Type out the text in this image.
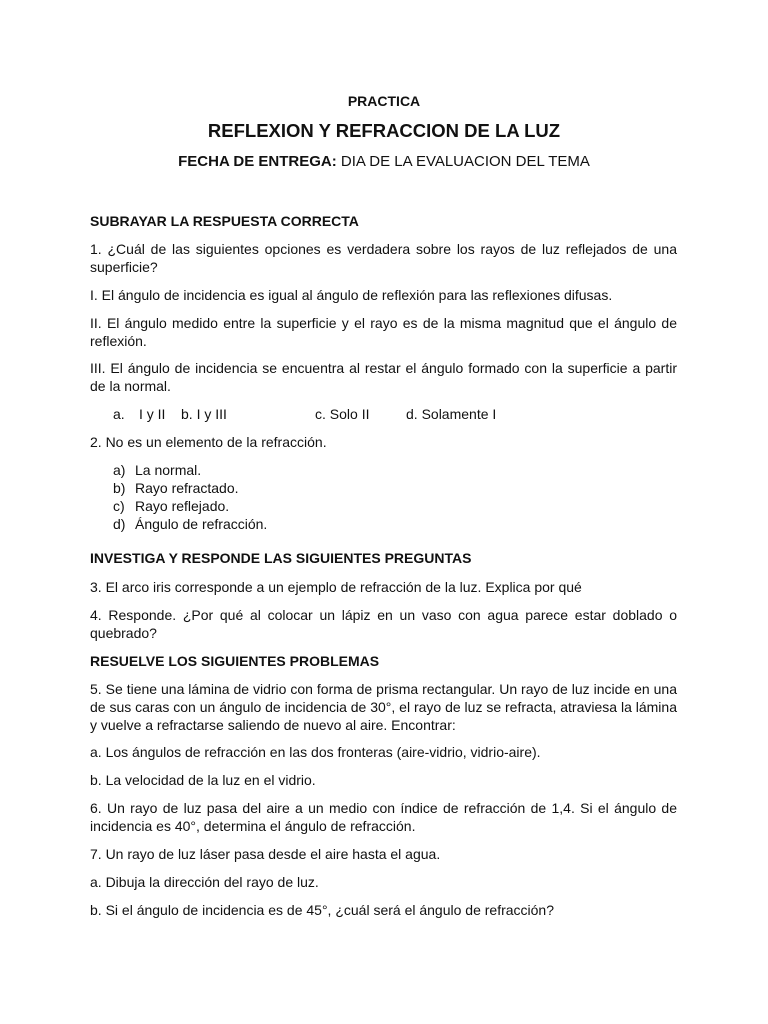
PRACTICA
REFLEXION Y REFRACCION DE LA LUZ
FECHA DE ENTREGA: DIA DE LA EVALUACION DEL TEMA
SUBRAYAR LA RESPUESTA CORRECTA
1. ¿Cuál de las siguientes opciones es verdadera sobre los rayos de luz reflejados de una superficie?
I. El ángulo de incidencia es igual al ángulo de reflexión para las reflexiones difusas.
II. El ángulo medido entre la superficie y el rayo es de la misma magnitud que el ángulo de reflexión.
III. El ángulo de incidencia se encuentra al restar el ángulo formado con la superficie a partir de la normal.
a. I y II b. I y III	c. Solo II	d. Solamente I
2. No es un elemento de la refracción.
a) La normal.
b) Rayo refractado.
c) Rayo reflejado.
d) Ángulo de refracción.
INVESTIGA Y RESPONDE LAS SIGUIENTES PREGUNTAS
3. El arco iris corresponde a un ejemplo de refracción de la luz. Explica por qué
4. Responde. ¿Por qué al colocar un lápiz en un vaso con agua parece estar doblado o quebrado?
RESUELVE LOS SIGUIENTES PROBLEMAS
5. Se tiene una lámina de vidrio con forma de prisma rectangular. Un rayo de luz incide en una de sus caras con un ángulo de incidencia de 30°, el rayo de luz se refracta, atraviesa la lámina y vuelve a refractarse saliendo de nuevo al aire. Encontrar:
a. Los ángulos de refracción en las dos fronteras (aire-vidrio, vidrio-aire).
b. La velocidad de la luz en el vidrio.
6. Un rayo de luz pasa del aire a un medio con índice de refracción de 1,4. Si el ángulo de incidencia es 40°, determina el ángulo de refracción.
7. Un rayo de luz láser pasa desde el aire hasta el agua.
a. Dibuja la dirección del rayo de luz.
b. Si el ángulo de incidencia es de 45°, ¿cuál será el ángulo de refracción?
